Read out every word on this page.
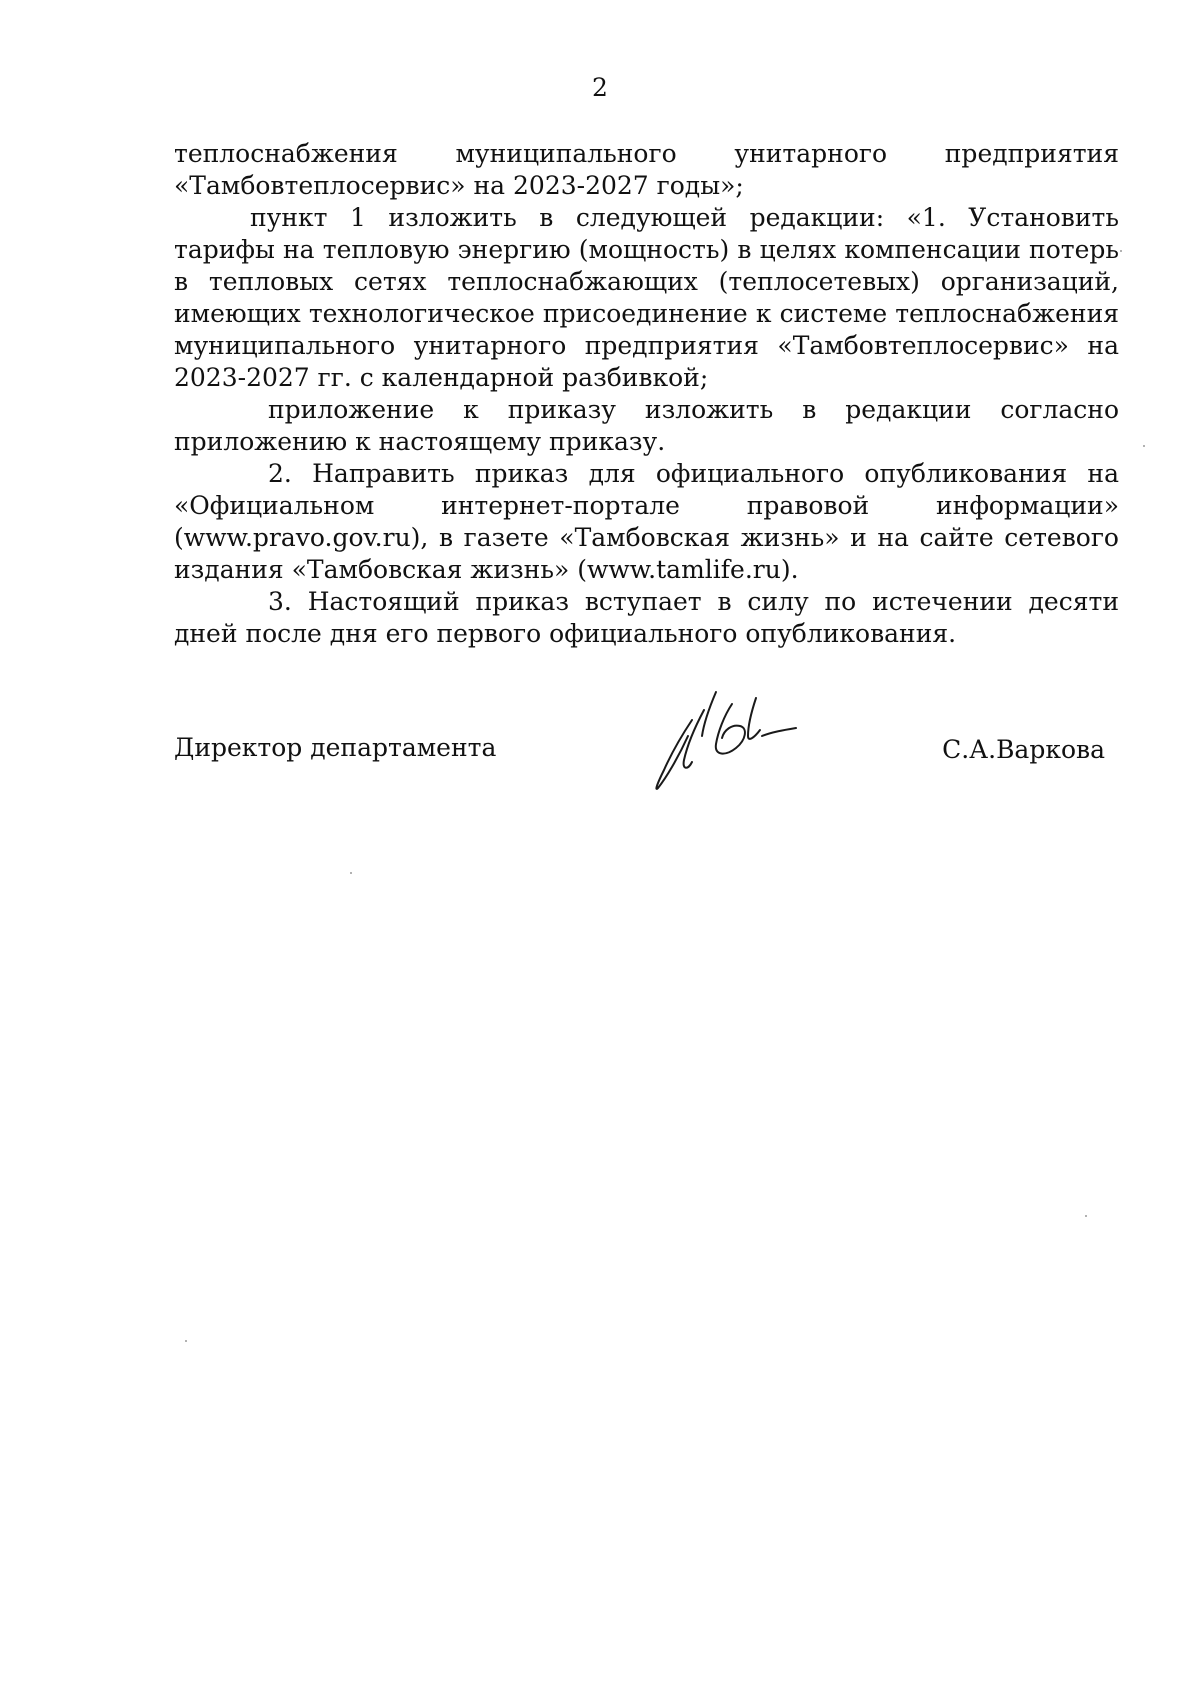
2

теплоснабжения муниципального унитарного предприятия

«Тамбовтеплосервис» на 2023-2027 годы»;

пункт 1 изложить в следующей редакции: «1. Установить тарифы на тепловую энергию (мощность) в целях компенсации потерь в тепловых сетях теплоснабжающих (теплосетевых) организаций, имеющих технологическое присоединение к системе теплоснабжения муниципального унитарного предприятия «Тамбовтеплосервис» на 2023-2027 гг. с календарной разбивкой;

приложение к приказу изложить в редакции согласно приложению к настоящему приказу.

2. Направить приказ для официального опубликования на «Официальном интернет-портале правовой информации» (www.pravo.gov.ru), в газете «Тамбовская жизнь» и на сайте сетевого издания «Тамбовская жизнь» (www.tamlife.ru).

3. Настоящий приказ вступает в силу по истечении десяти дней после дня его первого официального опубликования.

Директор департамента	С.А.Варкова
